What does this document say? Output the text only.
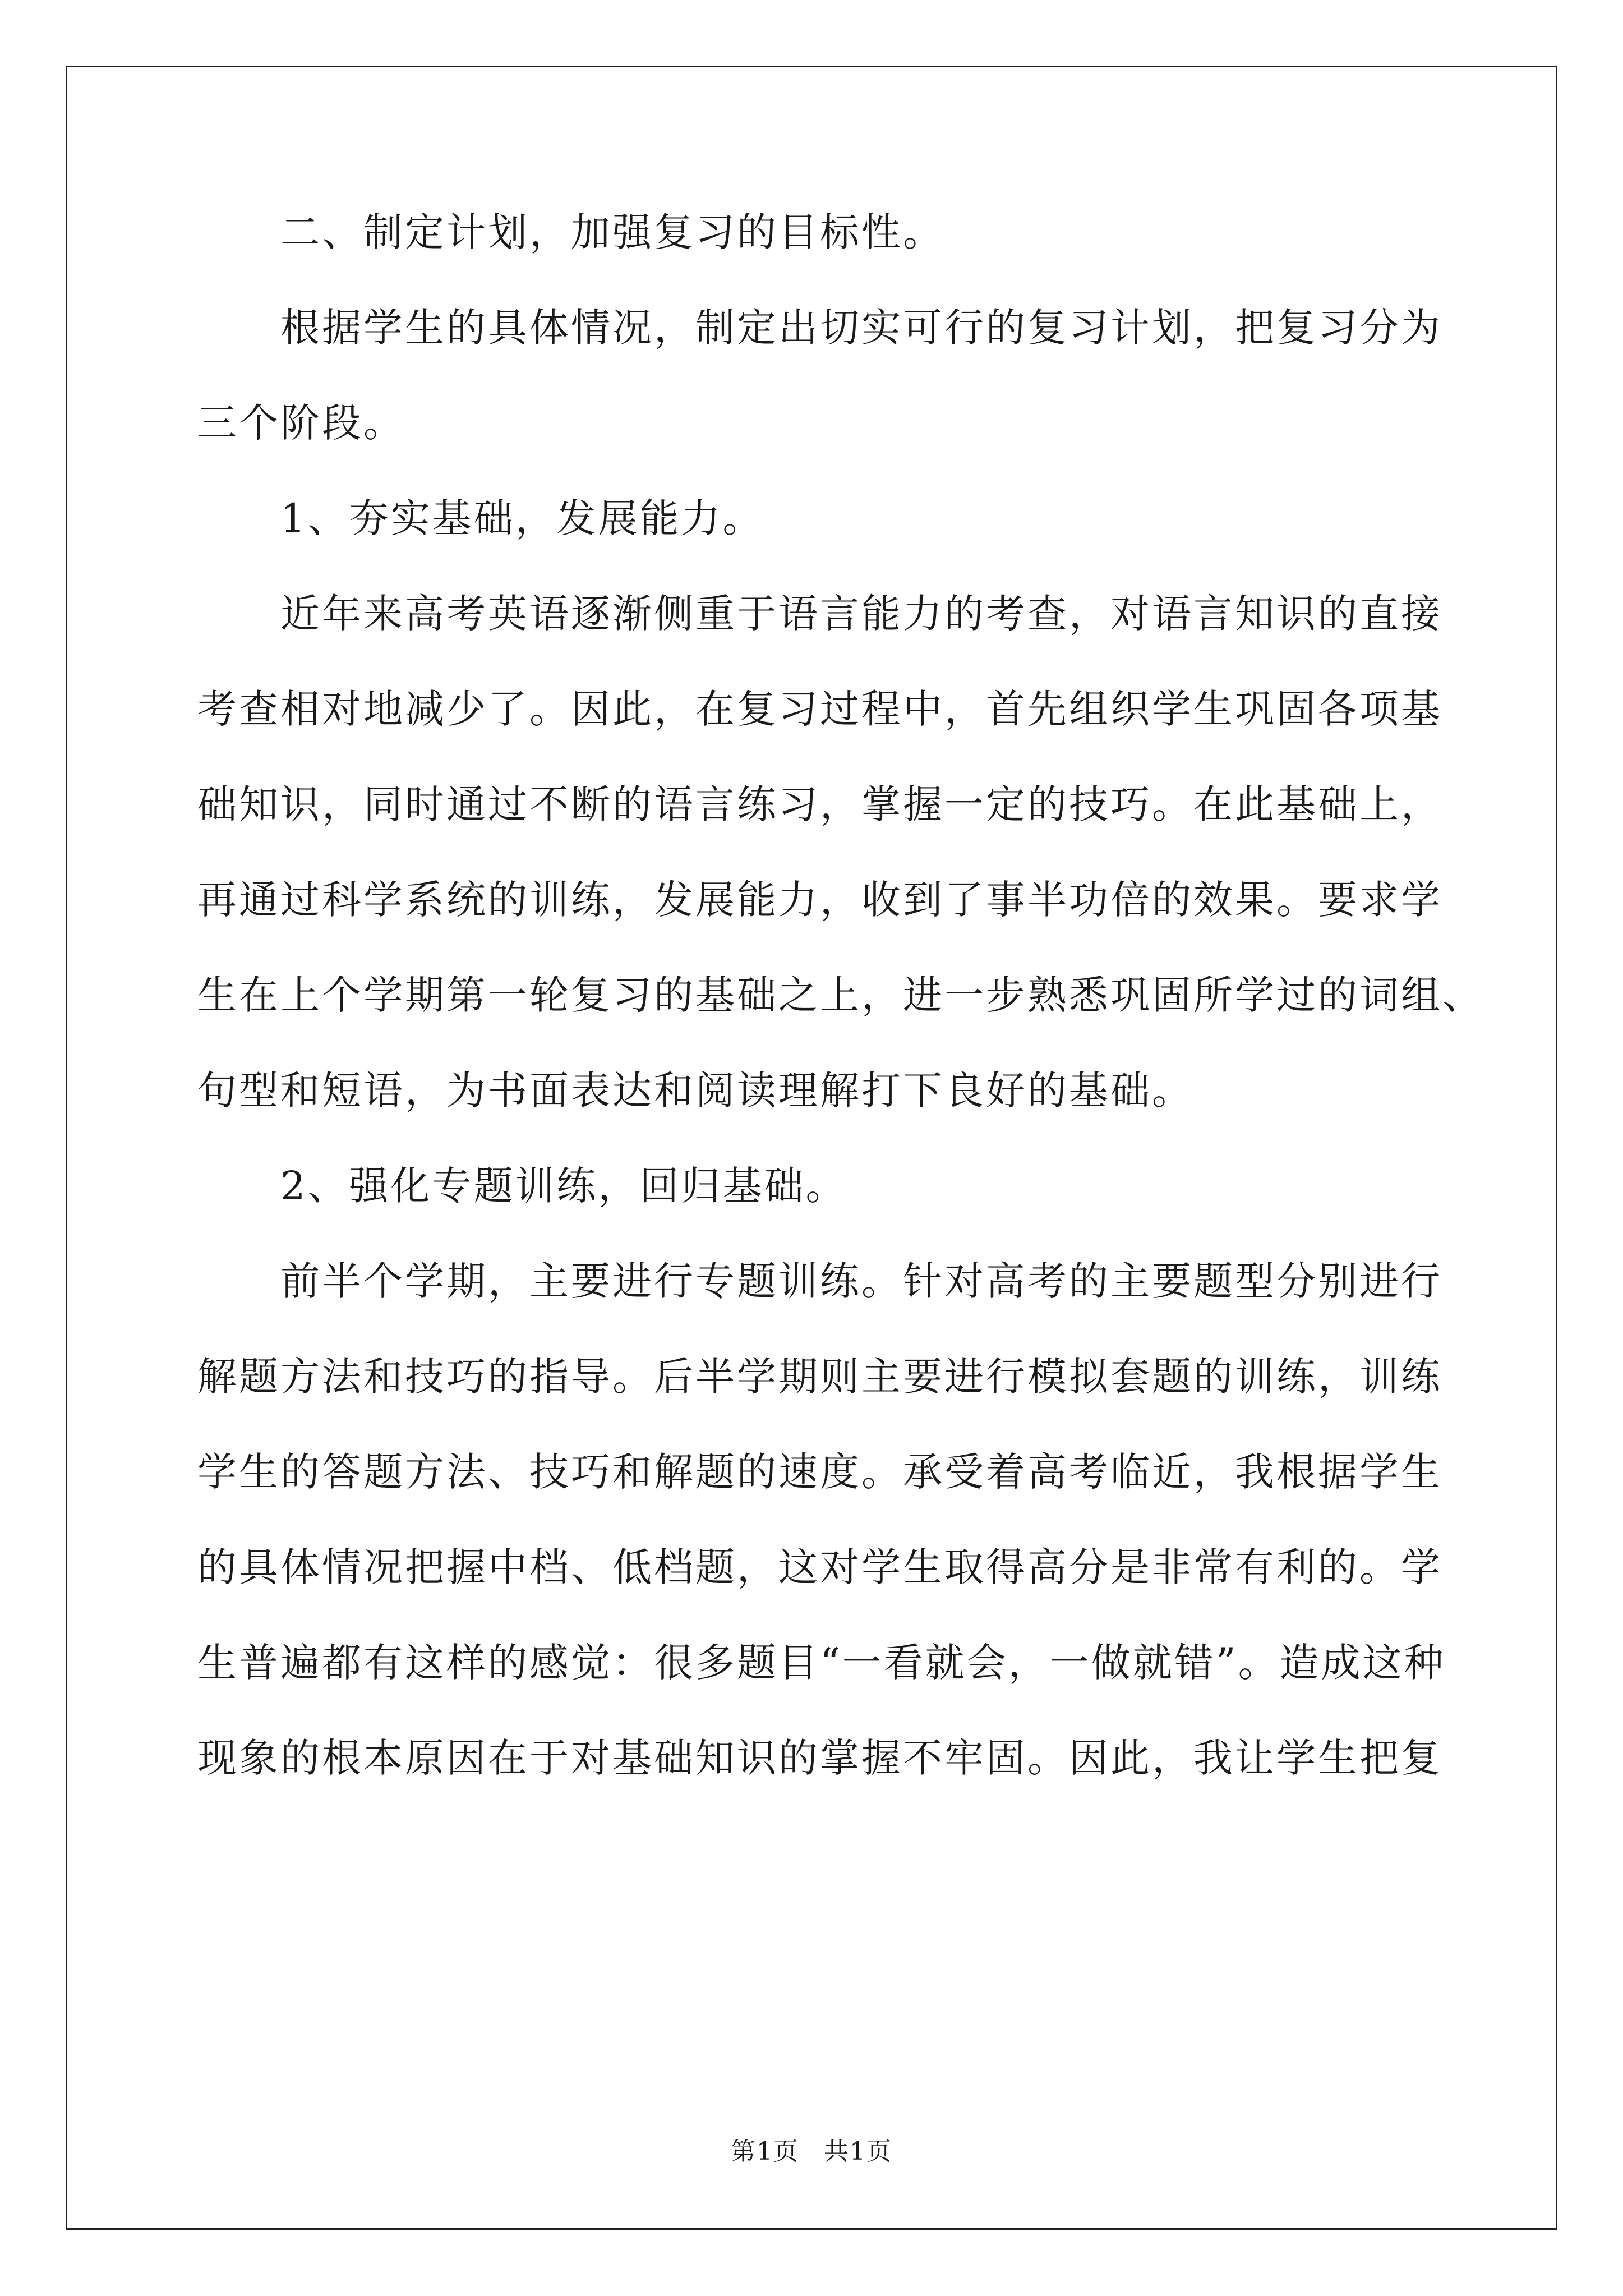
二、制定计划，加强复习的目标性。
根据学生的具体情况，制定出切实可行的复习计划，把复习分为
三个阶段。
1、夯实基础，发展能力。
近年来高考英语逐渐侧重于语言能力的考查，对语言知识的直接
考查相对地减少了。因此，在复习过程中，首先组织学生巩固各项基
础知识，同时通过不断的语言练习，掌握一定的技巧。在此基础上，
再通过科学系统的训练，发展能力，收到了事半功倍的效果。要求学
生在上个学期第一轮复习的基础之上，进一步熟悉巩固所学过的词组、
句型和短语，为书面表达和阅读理解打下良好的基础。
2、强化专题训练，回归基础。
前半个学期，主要进行专题训练。针对高考的主要题型分别进行
解题方法和技巧的指导。后半学期则主要进行模拟套题的训练，训练
学生的答题方法、技巧和解题的速度。承受着高考临近，我根据学生
的具体情况把握中档、低档题，这对学生取得高分是非常有利的。学
生普遍都有这样的感觉：很多题目“一看就会，一做就错”。造成这种
现象的根本原因在于对基础知识的掌握不牢固。因此，我让学生把复
第1页 共1页
